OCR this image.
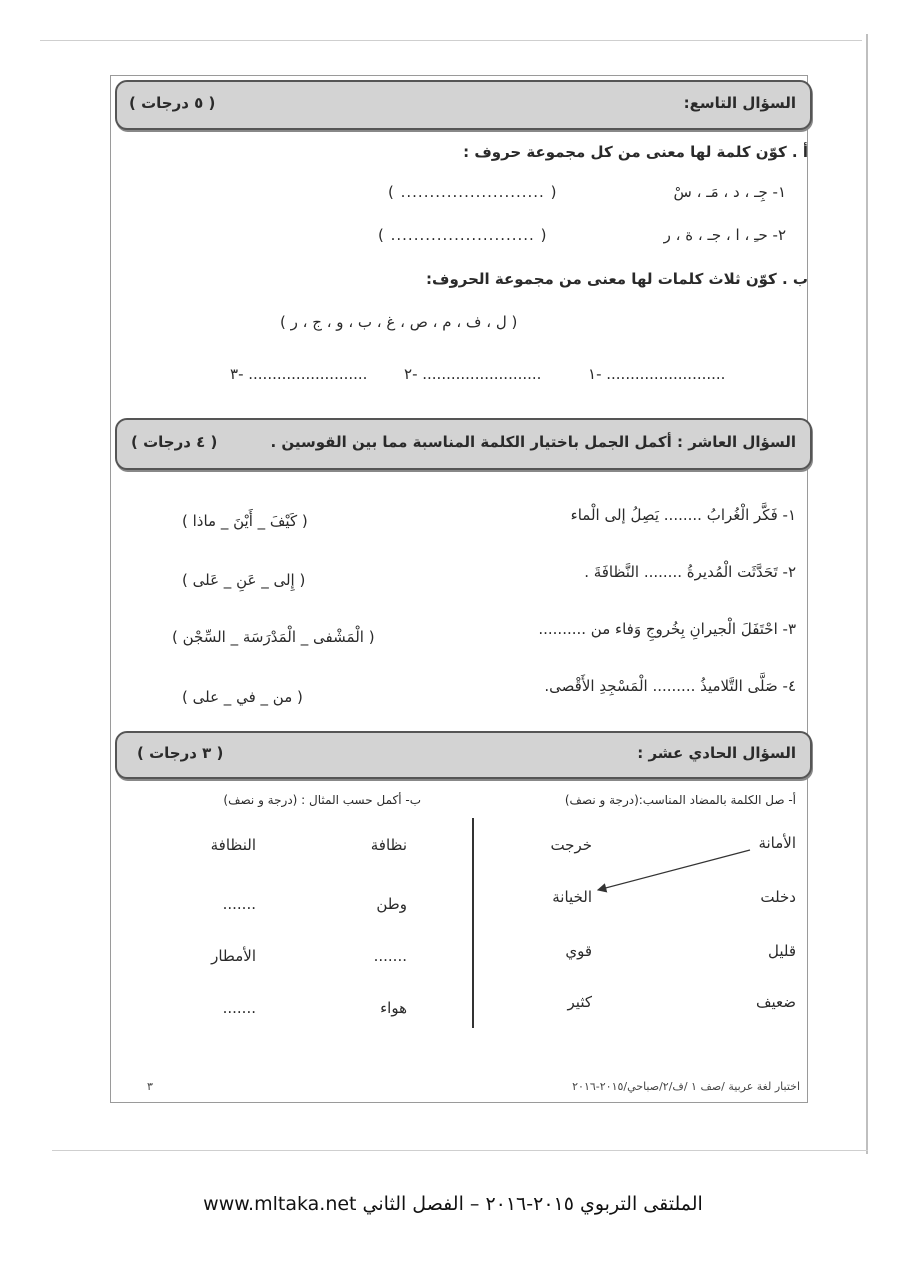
السؤال التاسع:
( ٥ درجات )
أ . كوّن كلمة لها معنى من كل مجموعة حروف :
١- جِـ ، د ، مَـ ، سْ
( ......................... )
٢- حـِ ، ا ، جـ ، ة ، ر
( ......................... )
ب . كوّن ثلاث كلمات لها معنى من مجموعة الحروف:
( ل ، ف ، م ، ص ، غ ، ب ، و ، ج ، ر )
١- .........................
٢- .........................
٣- .........................
السؤال العاشر : أكمل الجمل باختيار الكلمة المناسبة مما بين القوسين .
( ٤ درجات )
١- فَكَّر الْغُرابُ ........ يَصِلُ إلى الْماء
( كَيْفَ _ أَيْنَ _ ماذا )
٢- تَحَدَّثَت الْمُديرةُ ........ النَّظافَةَ .
( إِلى _ عَنِ _ عَلى )
٣- احْتَفَلَ الْجيرانِ بِخُروجِ وَفاء من ..........
( الْمَشْفى _ الْمَدْرَسَة _ السِّجْن )
٤- صَلَّى التَّلاميذُ ......... الْمَسْجِدِ الأَقْصى.
( من _ في _ على )
السؤال الحادي عشر :
( ٣ درجات )
أ- صل الكلمة بالمضاد المناسب:(درجة و نصف)
ب- أكمل حسب المثال : (درجة و نصف)
الأمانة
دخلت
قليل
ضعيف
خرجت
الخيانة
قوي
كثير
نظافة
وطن
.......
هواء
النظافة
.......
الأمطار
.......
٣	اختبار لغة عربية /صف ١ /ف/٢/صباحي/٢٠١٥-٢٠١٦
www.mltaka.net الملتقى التربوي ٢٠١٥-٢٠١٦ – الفصل الثاني
